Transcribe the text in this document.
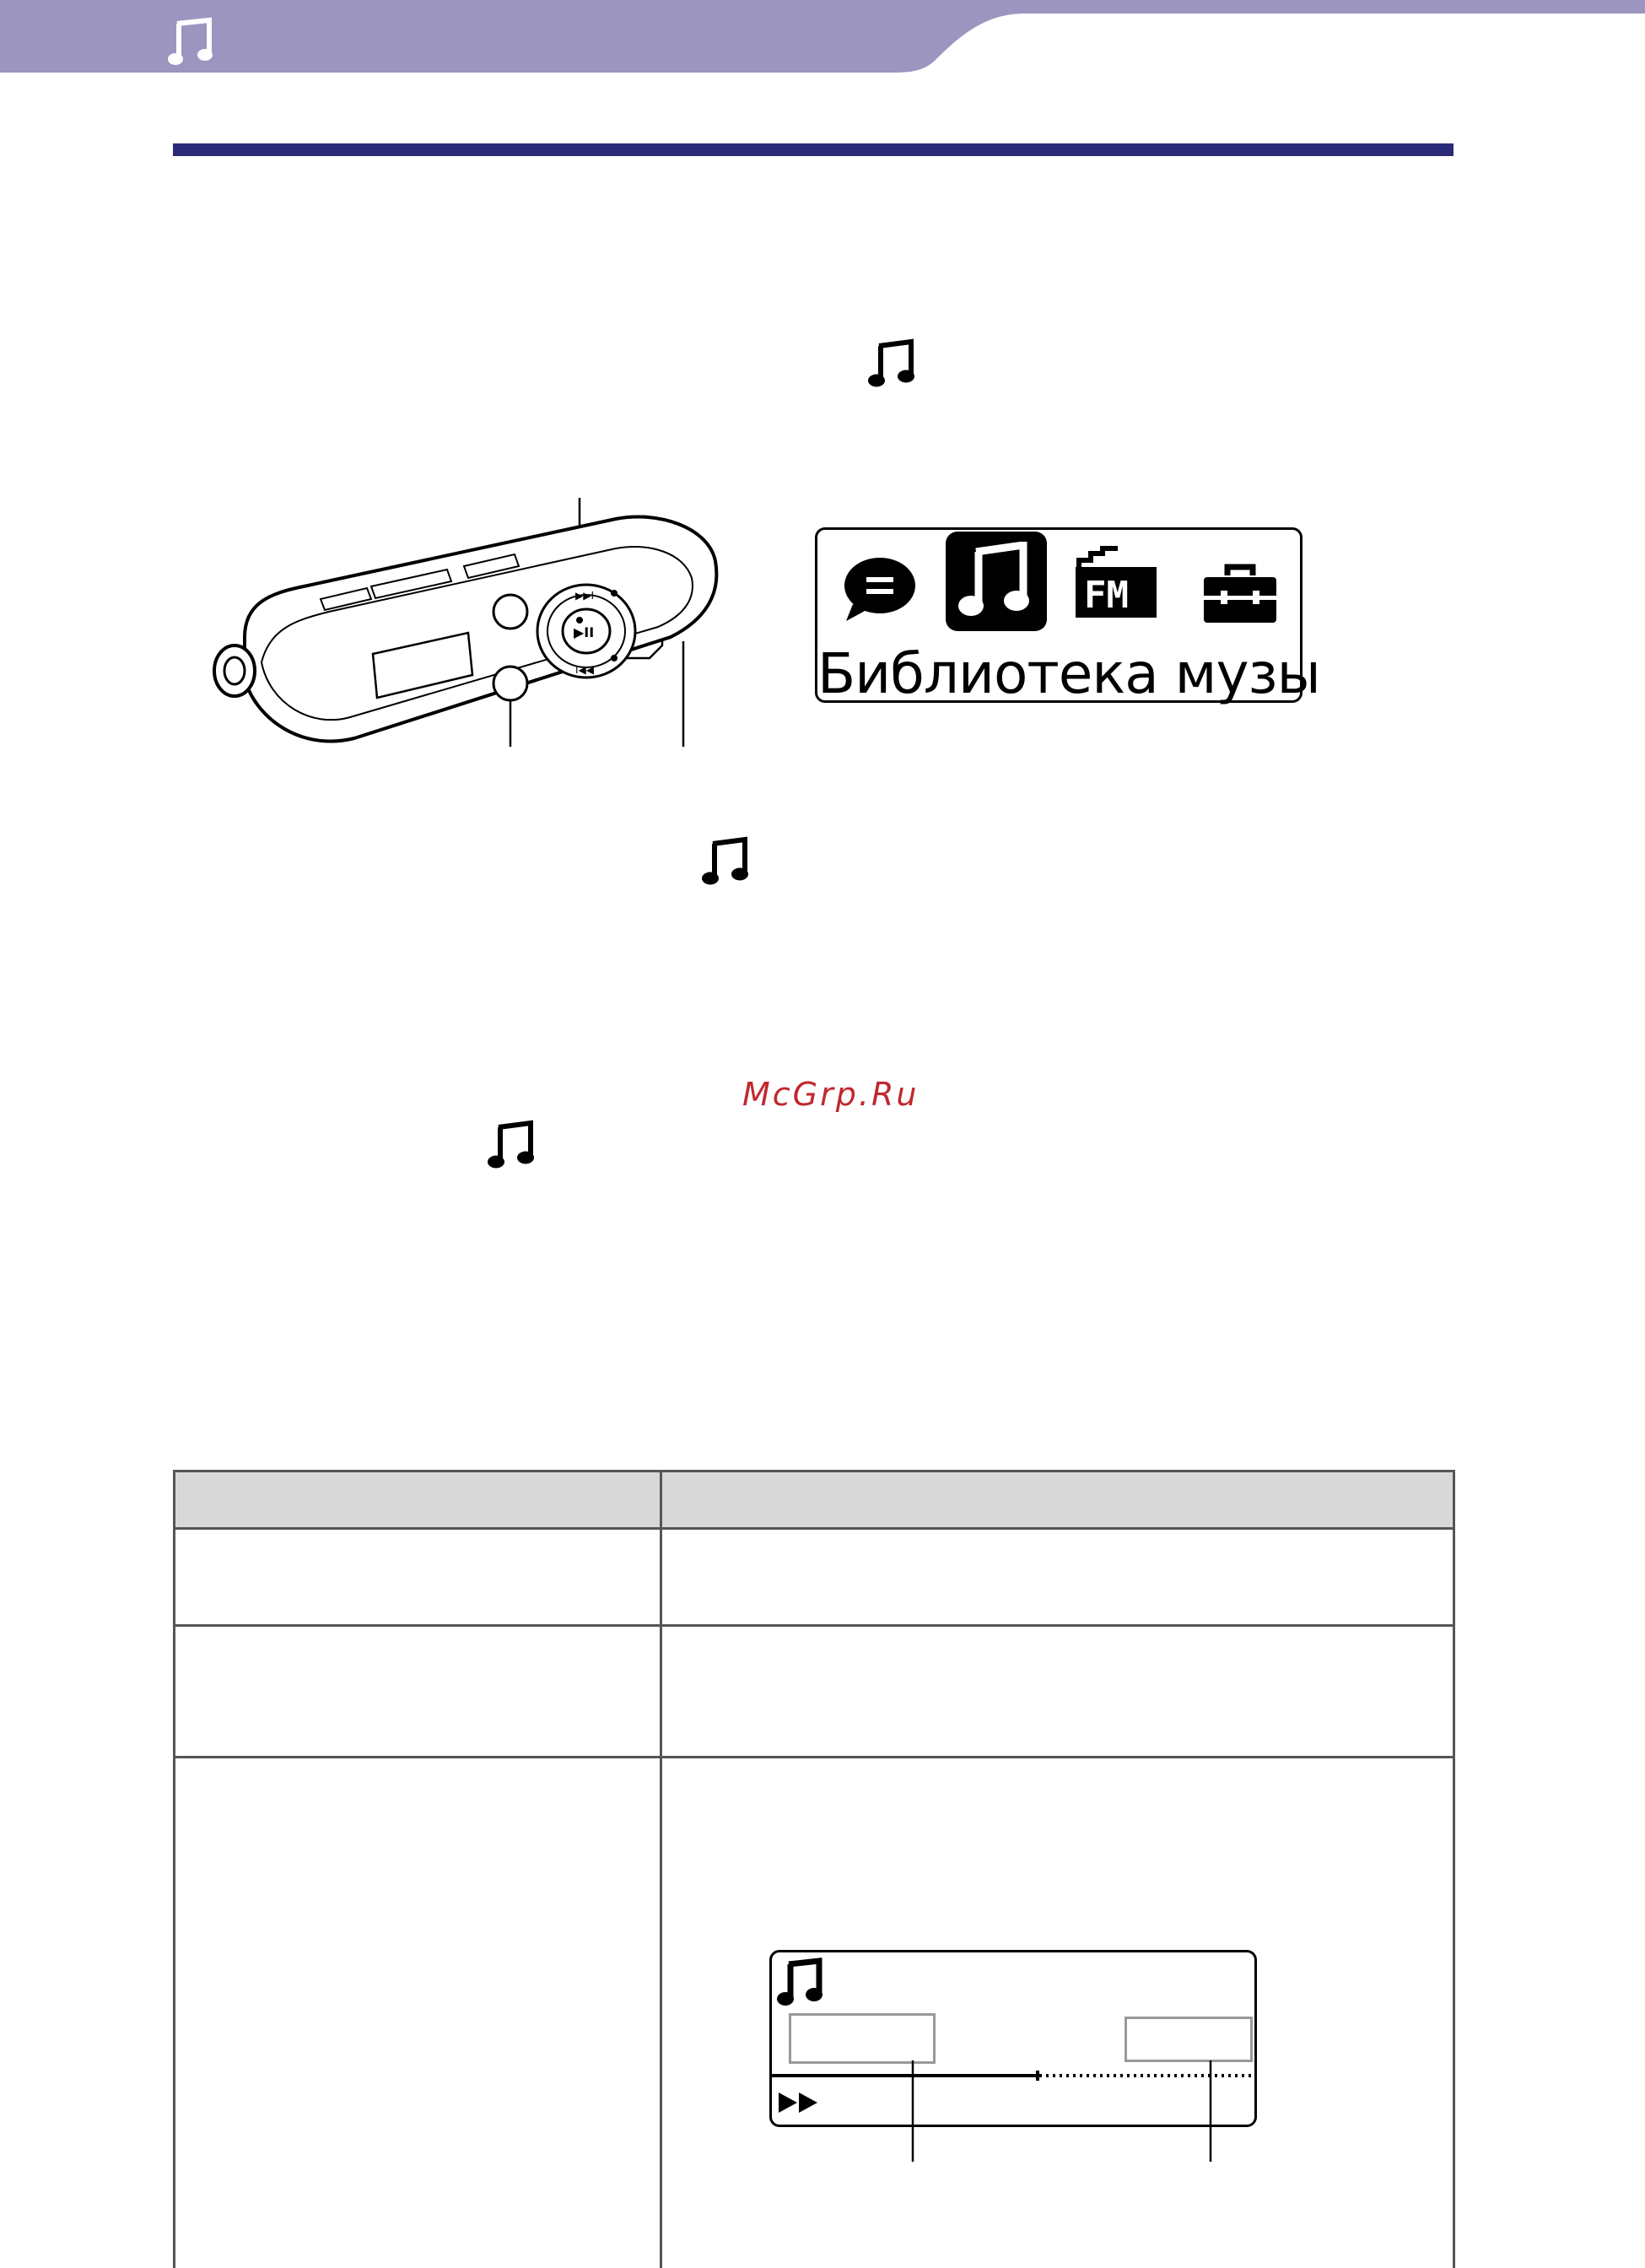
▶II
▶▶I
I◀◀
FM
Библиотека музы
McGrp.Ru
